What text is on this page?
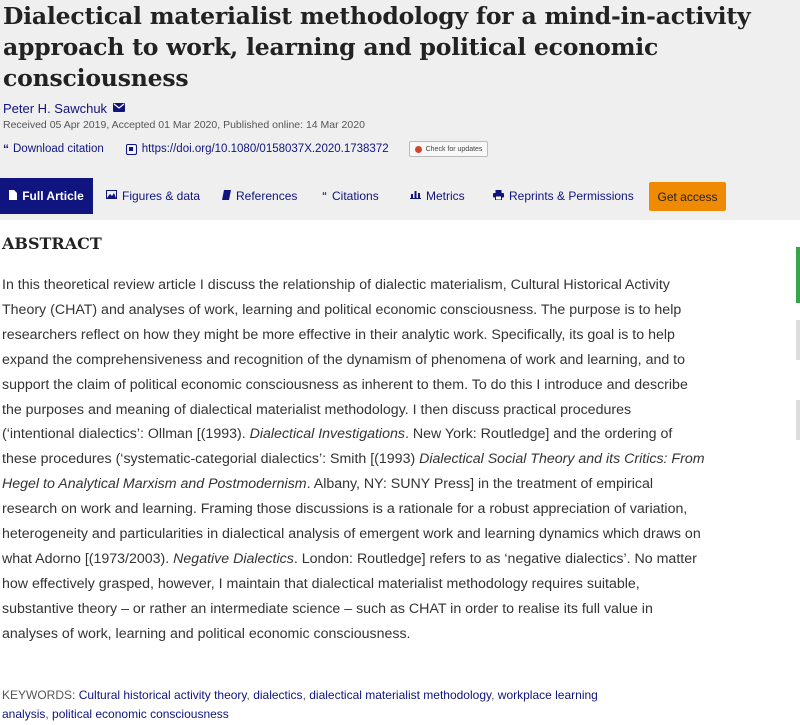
Dialectical materialist methodology for a mind-in-activity approach to work, learning and political economic consciousness
Peter H. Sawchuk
Received 05 Apr 2019, Accepted 01 Mar 2020, Published online: 14 Mar 2020
“ Download citation	https://doi.org/10.1080/0158037X.2020.1738372	Check for updates
Full Article	Figures & data	References “ Citations	Metrics	Reprints & Permissions	Get access
ABSTRACT

In this theoretical review article I discuss the relationship of dialectic materialism, Cultural Historical Activity Theory (CHAT) and analyses of work, learning and political economic consciousness. The purpose is to help researchers reflect on how they might be more effective in their analytic work. Specifically, its goal is to help expand the comprehensiveness and recognition of the dynamism of phenomena of work and learning, and to support the claim of political economic consciousness as inherent to them. To do this I introduce and describe the purposes and meaning of dialectical materialist methodology. I then discuss practical procedures (‘intentional dialectics’: Ollman [(1993). Dialectical Investigations. New York: Routledge] and the ordering of these procedures (‘systematic-categorial dialectics’: Smith [(1993) Dialectical Social Theory and its Critics: From Hegel to Analytical Marxism and Postmodernism. Albany, NY: SUNY Press] in the treatment of empirical research on work and learning. Framing those discussions is a rationale for a robust appreciation of variation, heterogeneity and particularities in dialectical analysis of emergent work and learning dynamics which draws on what Adorno [(1973/2003). Negative Dialectics. London: Routledge] refers to as ‘negative dialectics’. No matter how effectively grasped, however, I maintain that dialectical materialist methodology requires suitable, substantive theory – or rather an intermediate science – such as CHAT in order to realise its full value in analyses of work, learning and political economic consciousness.

KEYWORDS: Cultural historical activity theory, dialectics, dialectical materialist methodology, workplace learning analysis, political economic consciousness
